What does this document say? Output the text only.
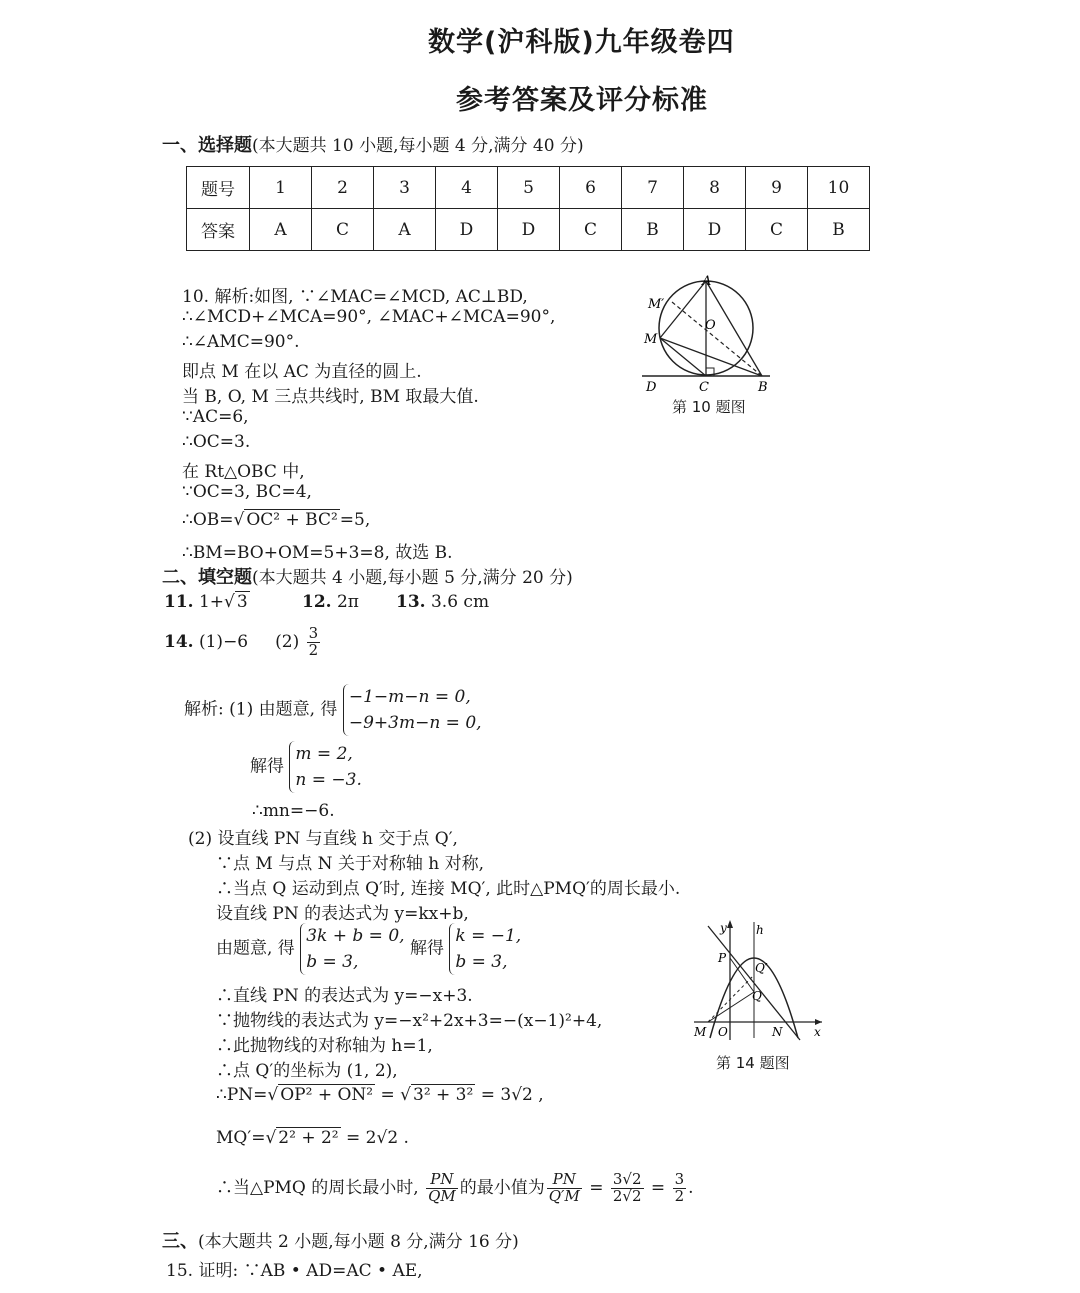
数学(沪科版)九年级卷四
参考答案及评分标准
一、选择题(本大题共 10 小题,每小题 4 分,满分 40 分)
题号	1	2	3	4	5	6	7	8	9	10
答案	A	C	A	D	D	C	B	D	C	B
10. 解析:如图, ∵∠MAC=∠MCD, AC⊥BD,
∴∠MCD+∠MCA=90°, ∠MAC+∠MCA=90°,
∴∠AMC=90°.
即点 M 在以 AC 为直径的圆上.
当 B, O, M 三点共线时, BM 取最大值.
∵AC=6,
∴OC=3.
在 Rt△OBC 中,
∵OC=3, BC=4,
∴OB=√ OC² + BC² =5,
∴BM=BO+OM=5+3=8, 故选 B.
A
M′
O
M
D	C	B
第 10 题图
二、填空题(本大题共 4 小题,每小题 5 分,满分 20 分)
11. 1+√ 3	12. 2π 13. 3.6 cm
14. (1)−6 $(2) \frac{3}{2}$
解析: (1) 由题意, 得 −1−m−n = 0,
−9+3m−n = 0,
解得 m = 2,
n = −3.
∴mn=−6.
(2) 设直线 PN 与直线 h 交于点 Q′,
∵点 M 与点 N 关于对称轴 h 对称,
∴当点 Q 运动到点 Q′时, 连接 MQ′, 此时△PMQ′的周长最小.
设直线 PN 的表达式为 y=kx+b,
由题意, 得 3k + b = 0,
b = 3, 解得 k = −1,
b = 3,
∴直线 PN 的表达式为 y=−x+3.
∵抛物线的表达式为 y=−x²+2x+3=−(x−1)²+4,
∴此抛物线的对称轴为 h=1,
∴点 Q′的坐标为 (1, 2),
∴PN=√ OP² + ON² = √ 3² + 3² = 3√2 ,
MQ′=√ 2² + 2² = 2√2 .
∴当△PMQ 的周长最小时, $\frac{PN}{QM}$ 的最小值为 $\frac{PN}{Q'M} = \frac{3√2}{2√2} = \frac{3}{2}$ .
y h
P
Q′
Q
M O	N	x
第 14 题图
三、(本大题共 2 小题,每小题 8 分,满分 16 分)
15. 证明: ∵AB • AD=AC • AE,
